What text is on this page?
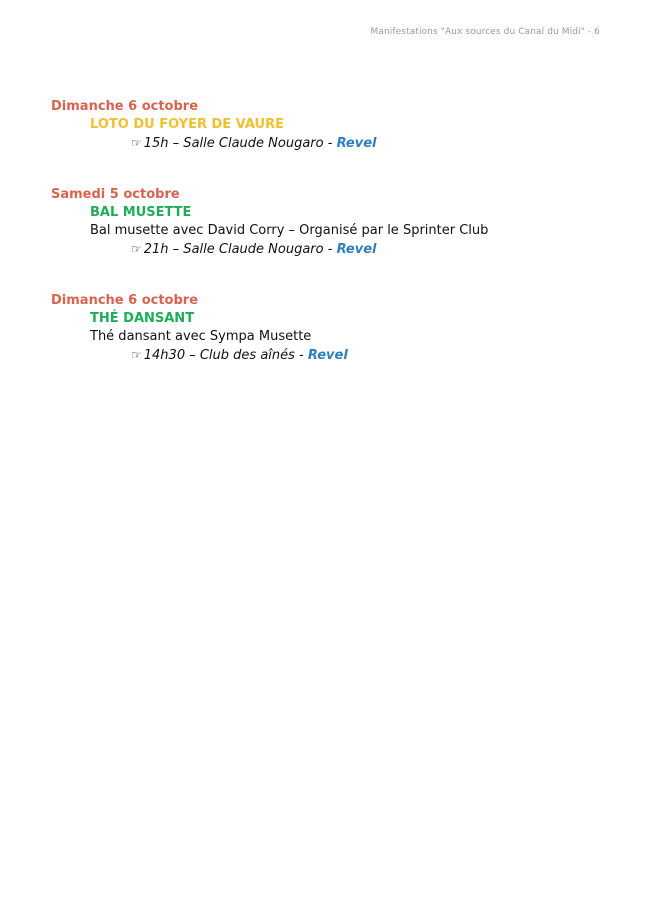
Manifestations "Aux sources du Canal du Midi" - 6
Dimanche 6 octobre
LOTO DU FOYER DE VAURE
☞ 15h – Salle Claude Nougaro - Revel
Samedi 5 octobre
BAL MUSETTE
Bal musette avec David Corry – Organisé par le Sprinter Club
☞ 21h – Salle Claude Nougaro - Revel
Dimanche 6 octobre
THÉ DANSANT
Thé dansant avec Sympa Musette
☞ 14h30 – Club des aînés - Revel
